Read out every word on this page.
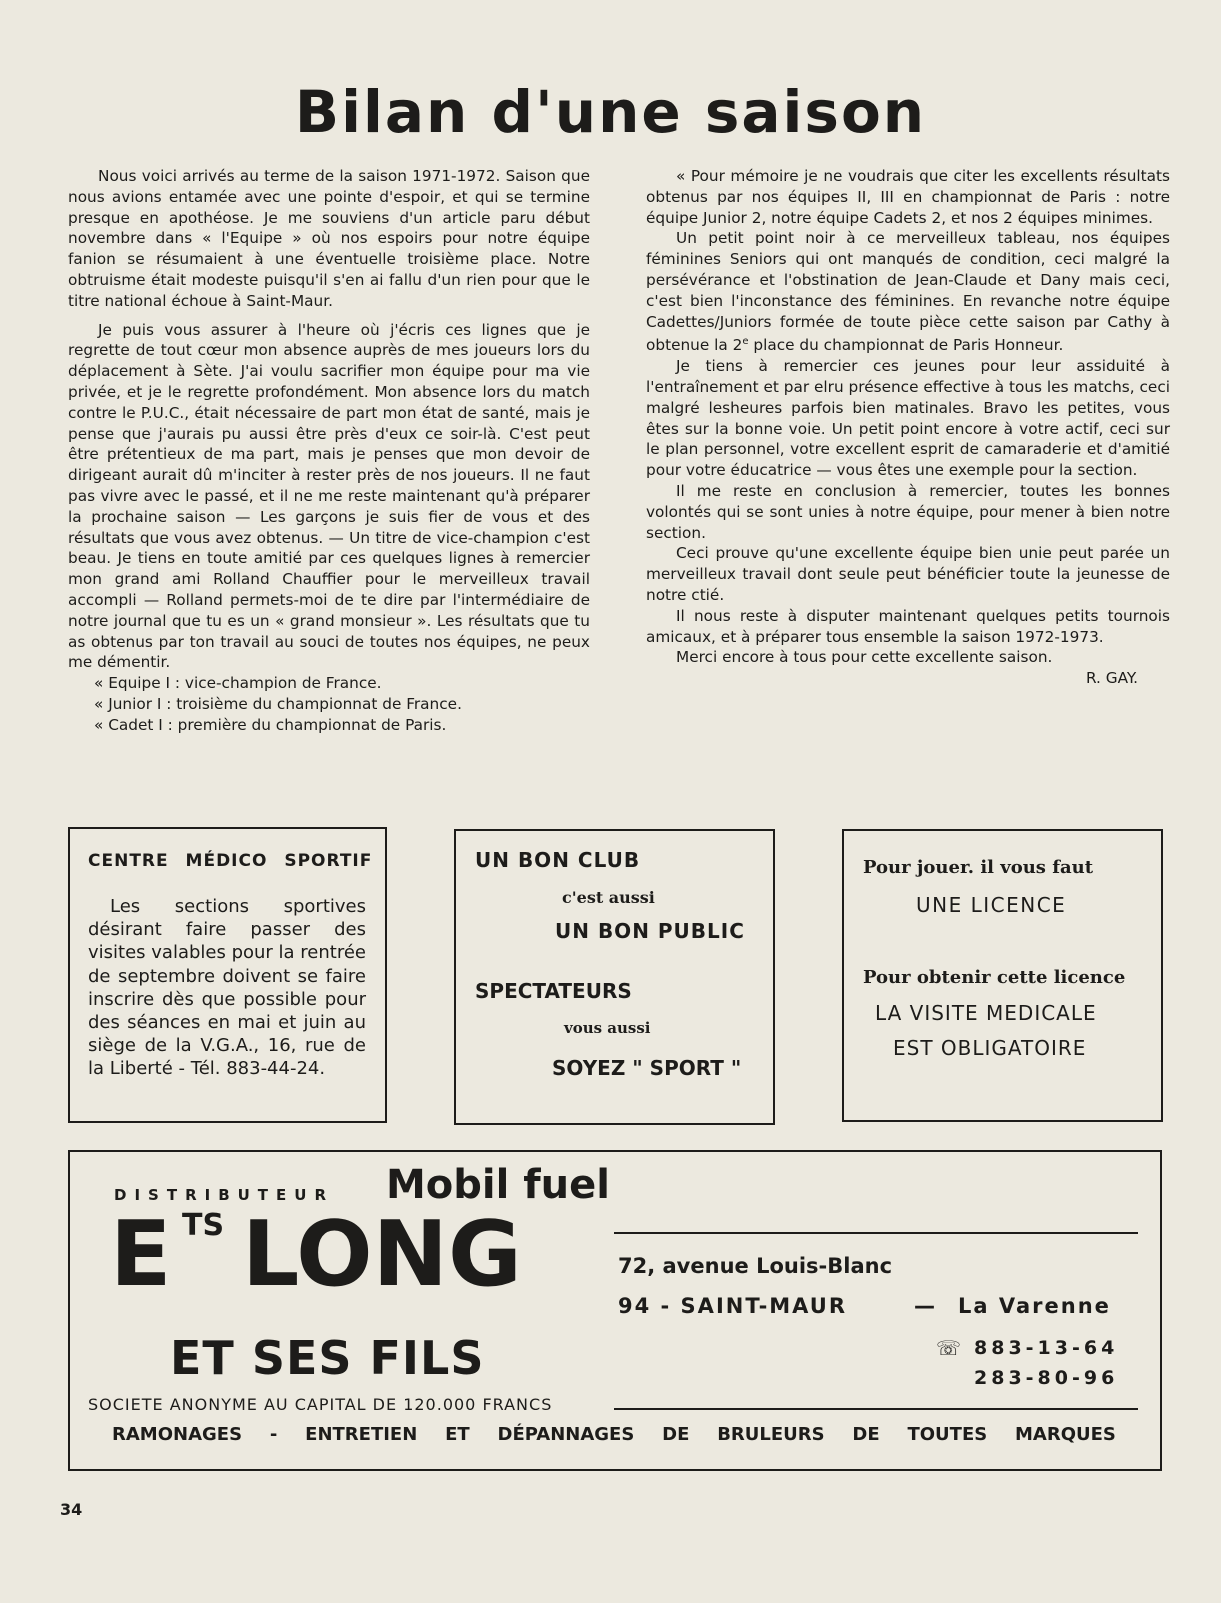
Bilan d'une saison

Nous voici arrivés au terme de la saison 1971-1972. Saison que nous avions entamée avec une pointe d'espoir, et qui se termine presque en apothéose. Je me souviens d'un article paru début novembre dans « l'Equipe » où nos espoirs pour notre équipe fanion se résumaient à une éventuelle troisième place. Notre obtruisme était modeste puisqu'il s'en ai fallu d'un rien pour que le titre national échoue à Saint-Maur.

Je puis vous assurer à l'heure où j'écris ces lignes que je regrette de tout cœur mon absence auprès de mes joueurs lors du déplacement à Sète. J'ai voulu sacrifier mon équipe pour ma vie privée, et je le regrette profondément. Mon absence lors du match contre le P.U.C., était nécessaire de part mon état de santé, mais je pense que j'aurais pu aussi être près d'eux ce soir-là. C'est peut être prétentieux de ma part, mais je penses que mon devoir de dirigeant aurait dû m'inciter à rester près de nos joueurs. Il ne faut pas vivre avec le passé, et il ne me reste maintenant qu'à préparer la prochaine saison — Les garçons je suis fier de vous et des résultats que vous avez obtenus. — Un titre de vice-champion c'est beau. Je tiens en toute amitié par ces quelques lignes à remercier mon grand ami Rolland Chauffier pour le merveilleux travail accompli — Rolland permets-moi de te dire par l'intermédiaire de notre journal que tu es un « grand monsieur ». Les résultats que tu as obtenus par ton travail au souci de toutes nos équipes, ne peux me démentir.

« Equipe I : vice-champion de France.

« Junior I : troisième du championnat de France.

« Cadet I : première du championnat de Paris.

« Pour mémoire je ne voudrais que citer les excellents résultats obtenus par nos équipes II, III en championnat de Paris : notre équipe Junior 2, notre équipe Cadets 2, et nos 2 équipes minimes.

Un petit point noir à ce merveilleux tableau, nos équipes féminines Seniors qui ont manqués de condition, ceci malgré la persévérance et l'obstination de Jean-Claude et Dany mais ceci, c'est bien l'inconstance des féminines. En revanche notre équipe Cadettes/Juniors formée de toute pièce cette saison par Cathy à obtenue la 2e place du championnat de Paris Honneur.

Je tiens à remercier ces jeunes pour leur assiduité à l'entraînement et par elru présence effective à tous les matchs, ceci malgré lesheures parfois bien matinales. Bravo les petites, vous êtes sur la bonne voie. Un petit point encore à votre actif, ceci sur le plan personnel, votre excellent esprit de camaraderie et d'amitié pour votre éducatrice — vous êtes une exemple pour la section.

Il me reste en conclusion à remercier, toutes les bonnes volontés qui se sont unies à notre équipe, pour mener à bien notre section.

Ceci prouve qu'une excellente équipe bien unie peut parée un merveilleux travail dont seule peut bénéficier toute la jeunesse de notre ctié.

Il nous reste à disputer maintenant quelques petits tournois amicaux, et à préparer tous ensemble la saison 1972-1973.

Merci encore à tous pour cette excellente saison.

R. GAY.

CENTRE MÉDICO SPORTIF
Les sections sportives désirant faire passer des visites valables pour la rentrée de septembre doivent se faire inscrire dès que possible pour des séances en mai et juin au siège de la V.G.A., 16, rue de la Liberté - Tél. 883-44-24.
UN BON CLUB
c'est aussi
UN BON PUBLIC
SPECTATEURS
vous aussi
SOYEZ " SPORT "
Pour jouer. il vous faut
UNE LICENCE
Pour obtenir cette licence
LA VISITE MEDICALE
EST OBLIGATOIRE
DISTRIBUTEUR Mobil fuel
E TS LONG
ET SES FILS
SOCIETE ANONYME AU CAPITAL DE 120.000 FRANCS
72, avenue Louis-Blanc
94 - SAINT-MAUR	— La Varenne
☏ 883-13-64
283-80-96
RAMONAGES - ENTRETIEN ET DÉPANNAGES DE BRULEURS DE TOUTES MARQUES
34
